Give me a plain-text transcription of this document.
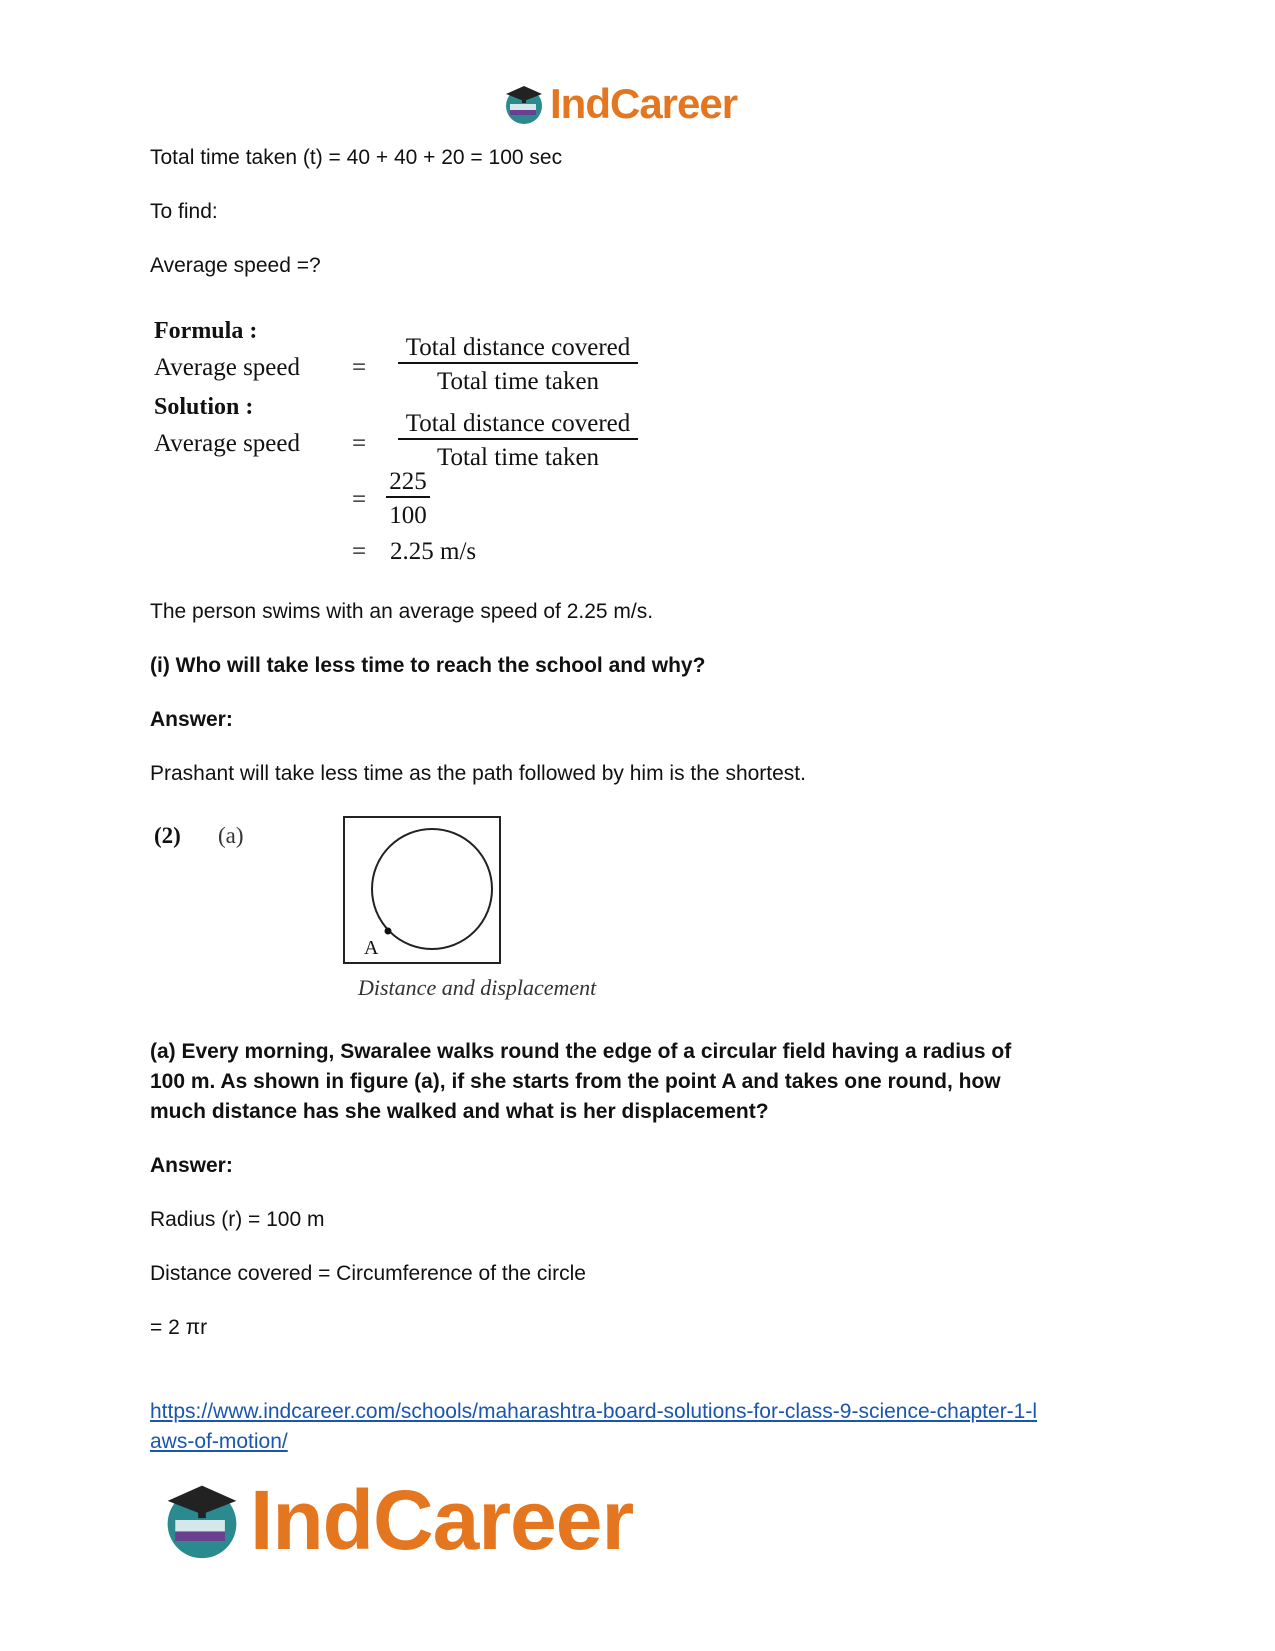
IndCareer

Total time taken (t) = 40 + 40 + 20 = 100 sec

To find:

Average speed =?

Formula :
Average speed =
Total distance covered
Total time taken
Solution :
Average speed =
Total distance covered
Total time taken
=
225
100
= 2.25 m/s

The person swims with an average speed of 2.25 m/s.

(i) Who will take less time to reach the school and why?

Answer:

Prashant will take less time as the path followed by him is the shortest.

(2) (a)
A
Distance and displacement

(a) Every morning, Swaralee walks round the edge of a circular field having a radius of

100 m. As shown in figure (a), if she starts from the point A and takes one round, how

much distance has she walked and what is her displacement?

Answer:

Radius (r) = 100 m

Distance covered = Circumference of the circle

= 2 πr

https://www.indcareer.com/schools/maharashtra-board-solutions-for-class-9-science-chapter-1-l
aws-of-motion/
IndCareer
